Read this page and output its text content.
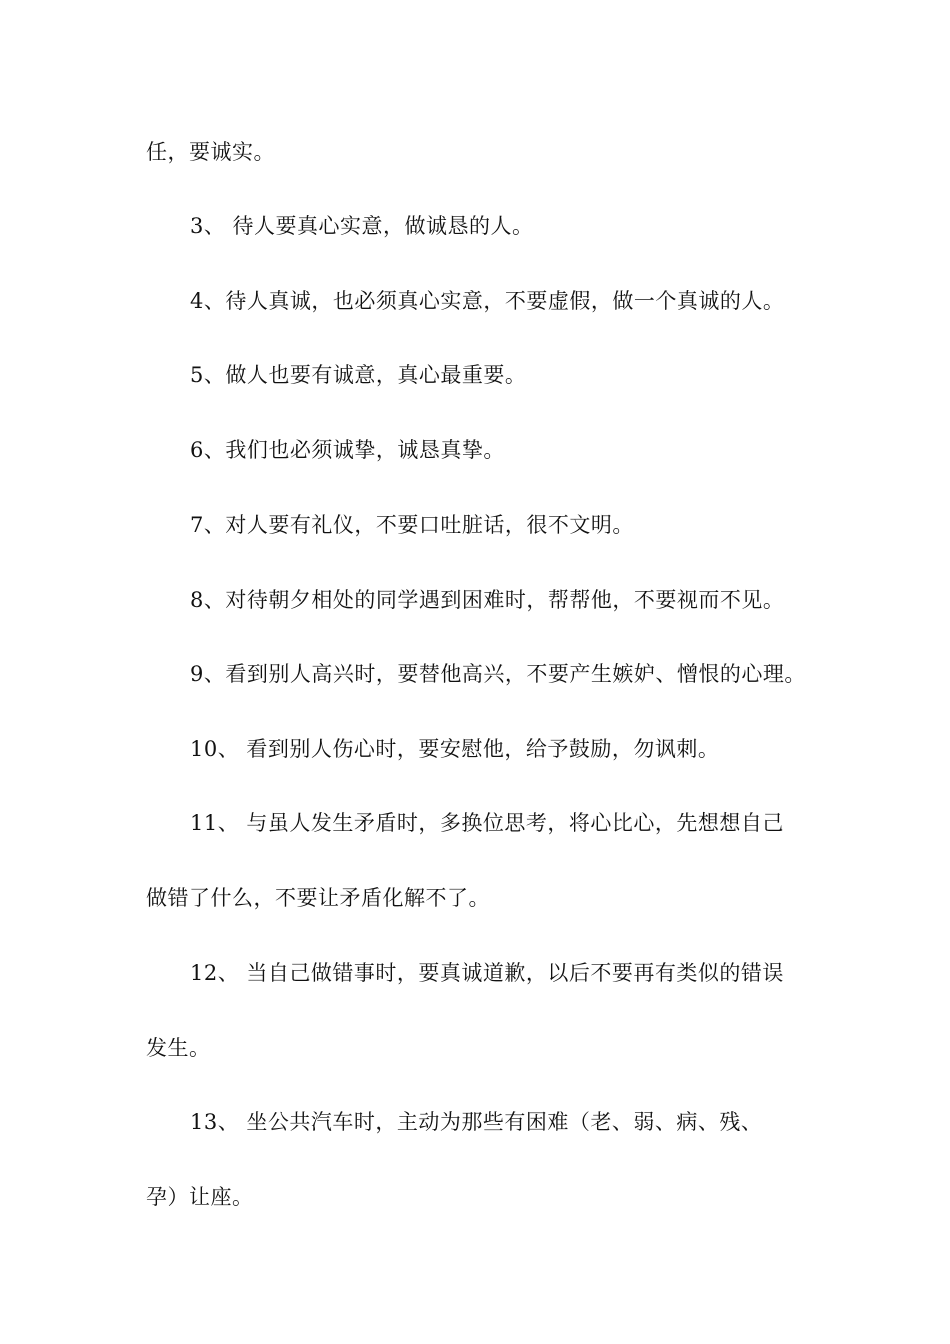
任，要诚实。
3、 待人要真心实意，做诚恳的人。
4、待人真诚，也必须真心实意，不要虚假，做一个真诚的人。
5、做人也要有诚意，真心最重要。
6、我们也必须诚挚，诚恳真挚。
7、对人要有礼仪，不要口吐脏话，很不文明。
8、对待朝夕相处的同学遇到困难时，帮帮他，不要视而不见。
9、看到别人高兴时，要替他高兴，不要产生嫉妒、憎恨的心理。
10、 看到别人伤心时，要安慰他，给予鼓励，勿讽刺。
11、 与虽人发生矛盾时，多换位思考，将心比心，先想想自己
做错了什么，不要让矛盾化解不了。
12、 当自己做错事时，要真诚道歉，以后不要再有类似的错误
发生。
13、 坐公共汽车时，主动为那些有困难（老、弱、病、残、
孕）让座。
